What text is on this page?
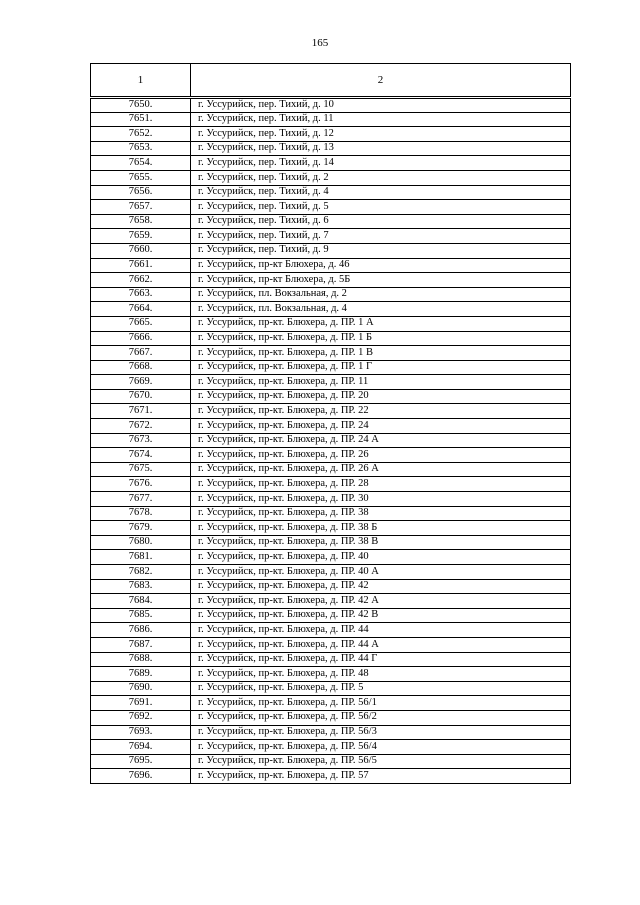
165
1	2
7650.	г. Уссурийск, пер. Тихий, д. 10
7651.	г. Уссурийск, пер. Тихий, д. 11
7652.	г. Уссурийск, пер. Тихий, д. 12
7653.	г. Уссурийск, пер. Тихий, д. 13
7654.	г. Уссурийск, пер. Тихий, д. 14
7655.	г. Уссурийск, пер. Тихий, д. 2
7656.	г. Уссурийск, пер. Тихий, д. 4
7657.	г. Уссурийск, пер. Тихий, д. 5
7658.	г. Уссурийск, пер. Тихий, д. 6
7659.	г. Уссурийск, пер. Тихий, д. 7
7660.	г. Уссурийск, пер. Тихий, д. 9
7661.	г. Уссурийск, пр-кт Блюхера, д. 46
7662.	г. Уссурийск, пр-кт Блюхера, д. 5Б
7663.	г. Уссурийск, пл. Вокзальная, д. 2
7664.	г. Уссурийск, пл. Вокзальная, д. 4
7665.	г. Уссурийск, пр-кт. Блюхера, д. ПР. 1 А
7666.	г. Уссурийск, пр-кт. Блюхера, д. ПР. 1 Б
7667.	г. Уссурийск, пр-кт. Блюхера, д. ПР. 1 В
7668.	г. Уссурийск, пр-кт. Блюхера, д. ПР. 1 Г
7669.	г. Уссурийск, пр-кт. Блюхера, д. ПР. 11
7670.	г. Уссурийск, пр-кт. Блюхера, д. ПР. 20
7671.	г. Уссурийск, пр-кт. Блюхера, д. ПР. 22
7672.	г. Уссурийск, пр-кт. Блюхера, д. ПР. 24
7673.	г. Уссурийск, пр-кт. Блюхера, д. ПР. 24 А
7674.	г. Уссурийск, пр-кт. Блюхера, д. ПР. 26
7675.	г. Уссурийск, пр-кт. Блюхера, д. ПР. 26 А
7676.	г. Уссурийск, пр-кт. Блюхера, д. ПР. 28
7677.	г. Уссурийск, пр-кт. Блюхера, д. ПР. 30
7678.	г. Уссурийск, пр-кт. Блюхера, д. ПР. 38
7679.	г. Уссурийск, пр-кт. Блюхера, д. ПР. 38 Б
7680.	г. Уссурийск, пр-кт. Блюхера, д. ПР. 38 В
7681.	г. Уссурийск, пр-кт. Блюхера, д. ПР. 40
7682.	г. Уссурийск, пр-кт. Блюхера, д. ПР. 40 А
7683.	г. Уссурийск, пр-кт. Блюхера, д. ПР. 42
7684.	г. Уссурийск, пр-кт. Блюхера, д. ПР. 42 А
7685.	г. Уссурийск, пр-кт. Блюхера, д. ПР. 42 В
7686.	г. Уссурийск, пр-кт. Блюхера, д. ПР. 44
7687.	г. Уссурийск, пр-кт. Блюхера, д. ПР. 44 А
7688.	г. Уссурийск, пр-кт. Блюхера, д. ПР. 44 Г
7689.	г. Уссурийск, пр-кт. Блюхера, д. ПР. 48
7690.	г. Уссурийск, пр-кт. Блюхера, д. ПР. 5
7691.	г. Уссурийск, пр-кт. Блюхера, д. ПР. 56/1
7692.	г. Уссурийск, пр-кт. Блюхера, д. ПР. 56/2
7693.	г. Уссурийск, пр-кт. Блюхера, д. ПР. 56/3
7694.	г. Уссурийск, пр-кт. Блюхера, д. ПР. 56/4
7695.	г. Уссурийск, пр-кт. Блюхера, д. ПР. 56/5
7696.	г. Уссурийск, пр-кт. Блюхера, д. ПР. 57
